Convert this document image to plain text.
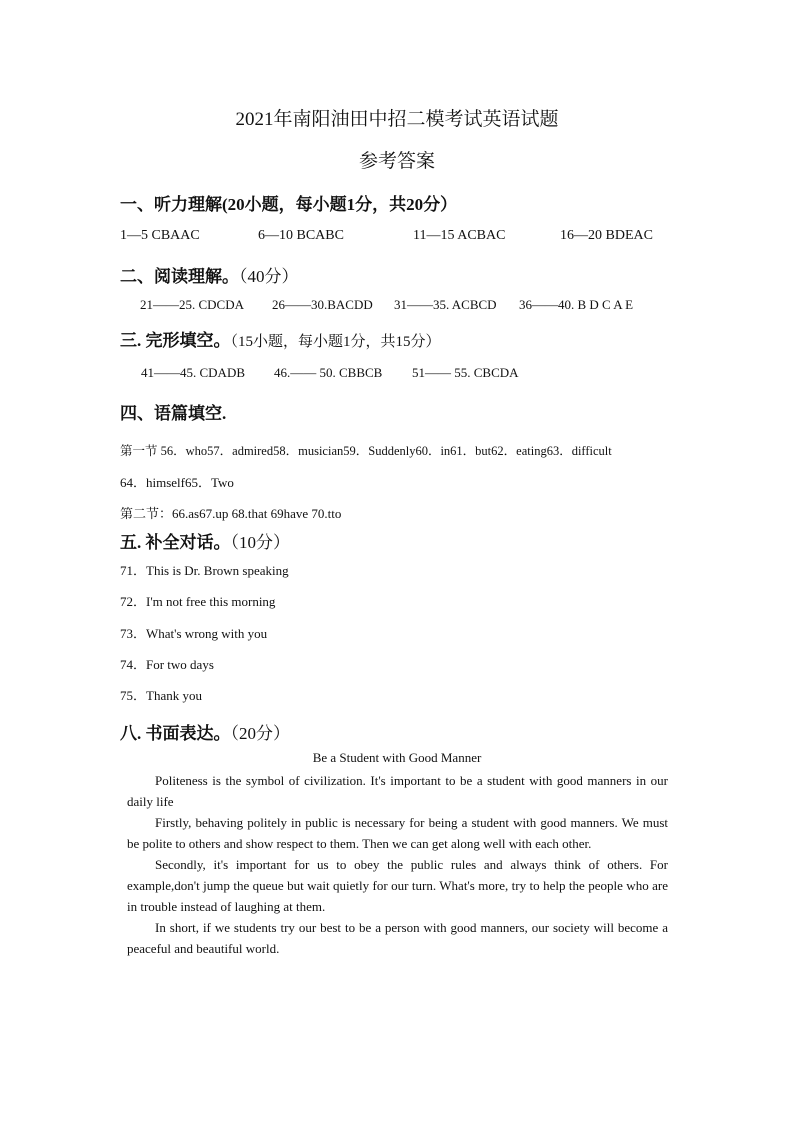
2021年南阳油田中招二模考试英语试题
参考答案
一、听力理解(20小题，每小题1分，共20分）
1—5 CBAAC	6—10 BCABC	11—15 ACBAC	16—20 BDEAC
二、阅读理解。（40分）
21——25. CDCDA 26——30.BACDD 31——35. ACBCD 36——40. B D C A E
三. 完形填空。（15小题，每小题1分，共15分）
41——45. CDADB 46.—— 50. CBBCB 51—— 55. CBCDA
四、语篇填空.
第一节 56．who57．admired58．musician59．Suddenly60．in61．but62．eating63．difficult
64．himself65．Two
第二节：66.as67.up 68.that 69have 70.tto
五. 补全对话。（10分）
71．This is Dr. Brown speaking
72．I'm not free this morning
73．What's wrong with you
74．For two days
75．Thank you
八. 书面表达。（20分）
Be a Student with Good Manner

Politeness is the symbol of civilization. It's important to be a student with good manners in our daily life

Firstly, behaving politely in public is necessary for being a student with good manners. We must be polite to others and show respect to them. Then we can get along well with each other.

Secondly, it's important for us to obey the public rules and always think of others. For example,don't jump the queue but wait quietly for our turn. What's more, try to help the people who are in trouble instead of laughing at them.

In short, if we students try our best to be a person with good manners, our society will become a peaceful and beautiful world.
